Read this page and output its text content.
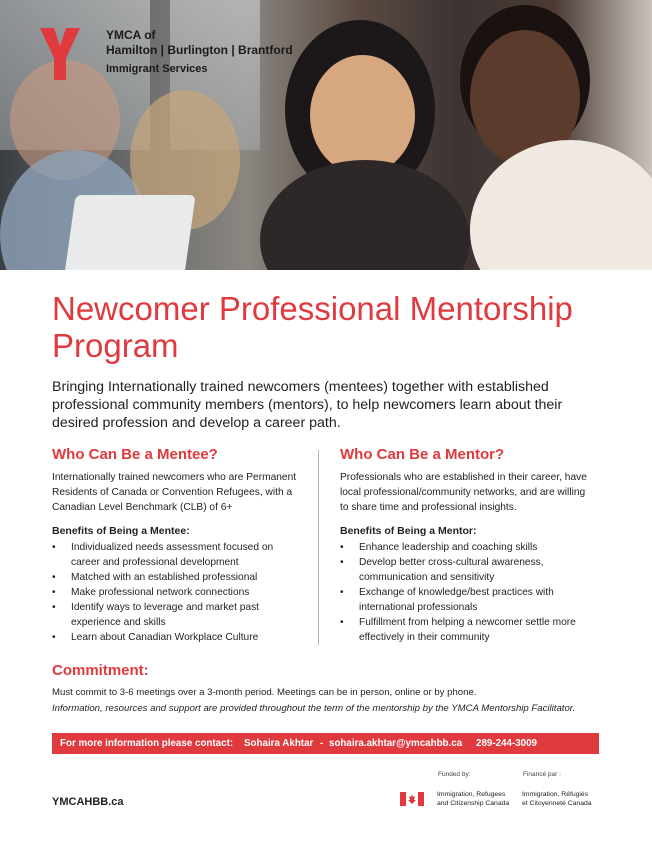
YMCA of
Hamilton | Burlington | Brantford
Immigrant Services
Newcomer Professional Mentorship Program

Bringing Internationally trained newcomers (mentees) together with established professional community members (mentors), to help newcomers learn about their desired profession and develop a career path.

Who Can Be a Mentee?

Internationally trained newcomers who are Permanent Residents of Canada or Convention Refugees, with a Canadian Level Benchmark (CLB) of 6+

Benefits of Being a Mentee:
• Individualized needs assessment focused on career and professional development
• Matched with an established professional
• Make professional network connections
• Identify ways to leverage and market past experience and skills
• Learn about Canadian Workplace Culture
Who Can Be a Mentor?

Professionals who are established in their career, have local professional/community networks, and are willing to share time and professional insights.

Benefits of Being a Mentor:
• Enhance leadership and coaching skills
• Develop better cross-cultural awareness, communication and sensitivity
• Exchange of knowledge/best practices with international professionals
• Fulfillment from helping a newcomer settle more effectively in their community
Commitment:

Must commit to 3-6 meetings over a 3-month period. Meetings can be in person, online or by phone.

Information, resources and support are provided throughout the term of the mentorship by the YMCA Mentorship Facilitator.

For more information please contact: Sohaira Akhtar - sohaira.akhtar@ymcahbb.ca 289-244-3009
YMCAHBB.ca
Funded by:	Financé par :
Immigration, Refugees
and Citizenship Canada
Immigration, Réfugiés
et Citoyenneté Canada
